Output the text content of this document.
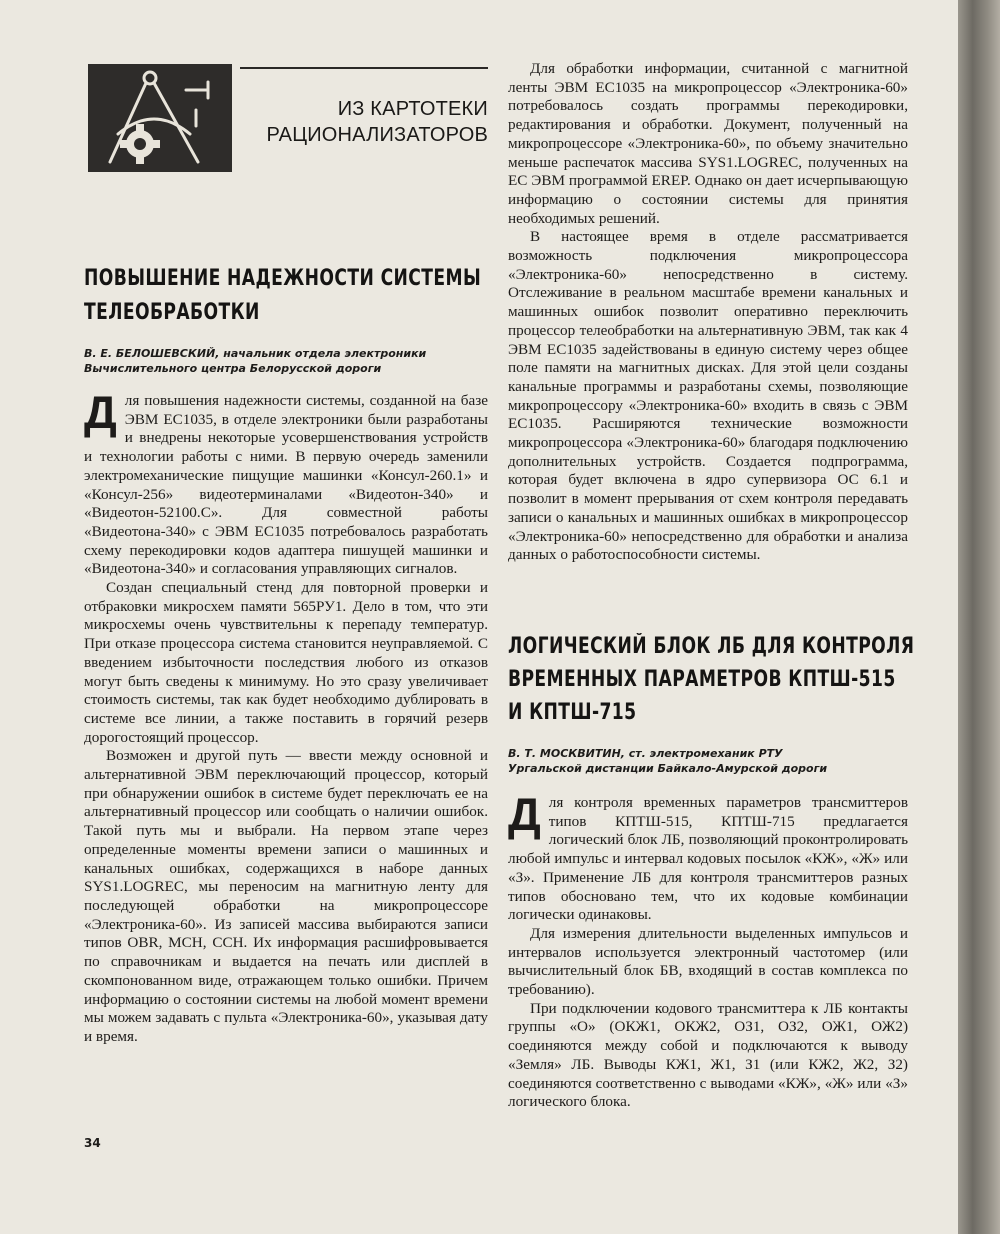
ИЗ КАРТОТЕКИ
РАЦИОНАЛИЗАТОРОВ
ПОВЫШЕНИЕ НАДЕЖНОСТИ СИСТЕМЫ
ТЕЛЕОБРАБОТКИ
В. Е. БЕЛОШЕВСКИЙ, начальник отдела электроники
Вычислительного центра Белорусской дороги

Для повышения надежности системы, созданной на базе ЭВМ ЕС1035, в отделе электроники были разработаны и внедрены некоторые усовершенствования устройств и технологии работы с ними. В первую очередь заменили электромеханические пищущие машинки «Консул-260.1» и «Консул-256» видеотерминалами «Видеотон-340» и «Видеотон-52100.С». Для совместной работы «Видеотона-340» с ЭВМ ЕС1035 потребовалось разработать схему перекодировки кодов адаптера пишущей машинки и «Видеотона-340» и согласования управляющих сигналов.

Создан специальный стенд для повторной проверки и отбраковки микросхем памяти 565РУ1. Дело в том, что эти микросхемы очень чувствительны к перепаду температур. При отказе процессора система становится неуправляемой. С введением избыточности последствия любого из отказов могут быть сведены к минимуму. Но это сразу увеличивает стоимость системы, так как будет необходимо дублировать в системе все линии, а также поставить в горячий резерв дорогостоящий процессор.

Возможен и другой путь — ввести между основной и альтернативной ЭВМ переключающий процессор, который при обнаружении ошибок в системе будет переключать ее на альтернативный процессор или сообщать о наличии ошибок. Такой путь мы и выбрали. На первом этапе через определенные моменты времени записи о машинных и канальных ошибках, содержащихся в наборе данных SYS1.LOGREC, мы переносим на магнитную ленту для последующей обработки на микропроцессоре «Электроника-60». Из записей массива выбираются записи типов OBR, MCH, CCH. Их информация расшифровывается по справочникам и выдается на печать или дисплей в скомпонованном виде, отражающем только ошибки. Причем информацию о состоянии системы на любой момент времени мы можем задавать с пульта «Электроника-60», указывая дату и время.

34

Для обработки информации, считанной с магнитной ленты ЭВМ ЕС1035 на микропроцессор «Электроника-60» потребовалось создать программы перекодировки, редактирования и обработки. Документ, полученный на микропроцессоре «Электроника-60», по объему значительно меньше распечаток массива SYS1.LOGREC, полученных на ЕС ЭВМ программой EREP. Однако он дает исчерпывающую информацию о состоянии системы для принятия необходимых решений.

В настоящее время в отделе рассматривается возможность подключения микропроцессора «Электроника-60» непосредственно в систему. Отслеживание в реальном масштабе времени канальных и машинных ошибок позволит оперативно переключить процессор телеобработки на альтернативную ЭВМ, так как 4 ЭВМ ЕС1035 задействованы в единую систему через общее поле памяти на магнитных дисках. Для этой цели созданы канальные программы и разработаны схемы, позволяющие микропроцессору «Электроника-60» входить в связь с ЭВМ ЕС1035. Расширяются технические возможности микропроцессора «Электроника-60» благодаря подключению дополнительных устройств. Создается подпрограмма, которая будет включена в ядро супервизора ОС 6.1 и позволит в момент прерывания от схем контроля передавать записи о канальных и машинных ошибках в микропроцессор «Электроника-60» непосредственно для обработки и анализа данных о работоспособности системы.

ЛОГИЧЕСКИЙ БЛОК ЛБ ДЛЯ КОНТРОЛЯ
ВРЕМЕННЫХ ПАРАМЕТРОВ КПТШ-515
И КПТШ-715
В. Т. МОСКВИТИН, ст. электромеханик РТУ
Ургальской дистанции Байкало-Амурской дороги

Для контроля временных параметров трансмиттеров типов КПТШ-515, КПТШ-715 предлагается логический блок ЛБ, позволяющий проконтролировать любой импульс и интервал кодовых посылок «КЖ», «Ж» или «З». Применение ЛБ для контроля трансмиттеров разных типов обосновано тем, что их кодовые комбинации логически одинаковы.

Для измерения длительности выделенных импульсов и интервалов используется электронный частотомер (или вычислительный блок БВ, входящий в состав комплекса по требованию).

При подключении кодового трансмиттера к ЛБ контакты группы «О» (ОКЖ1, ОКЖ2, ОЗ1, ОЗ2, ОЖ1, ОЖ2) соединяются между собой и подключаются к выводу «Земля» ЛБ. Выводы КЖ1, Ж1, З1 (или КЖ2, Ж2, З2) соединяются соответственно с выводами «КЖ», «Ж» или «З» логического блока.
